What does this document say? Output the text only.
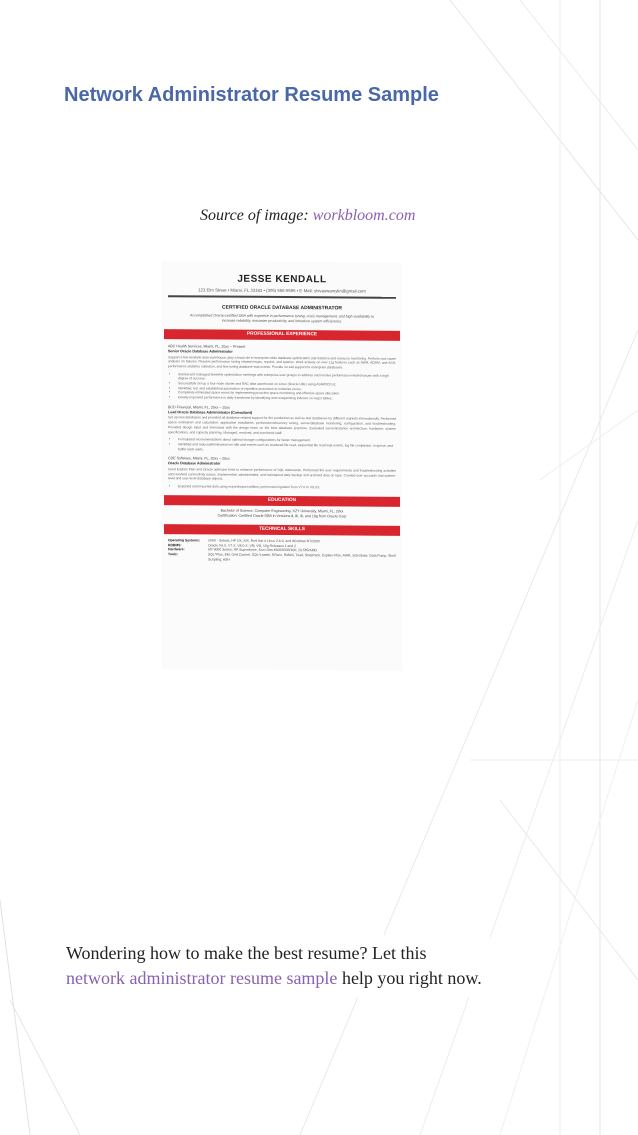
Network Administrator Resume Sample
Source of image: workbloom.com
JESSE KENDALL
123 Elm Street • Miami, FL 33183 • (305) 555-5555 • E-Mail: shivaswamykn@gmail.com
CERTIFIED ORACLE DATABASE ADMINISTRATOR
Accomplished Oracle-certified DBA with expertise in performance tuning, crisis management, and high availability to increase reliability, maximize productivity, and introduce system efficiencies.
PROFESSIONAL EXPERIENCE
ABC Health Services, Miami, FL, 20xx – Present
Senior Oracle Database Administrator
Support a five-terabyte data warehouse; play a lead role in enterprise-wide database optimization and instance and resource monitoring. Perform root cause analysis on failures. Resolve performance tuning related issues, reports, and queries. Work actively on new 11g features such as AWR, ADDM, and ASH, performance statistics collection, and fine tuning database wait events. Provide on-call support for enterprise databases.
• Started and managed biweekly optimization meetings with enterprise user groups to address and resolve performance-related issues with a high degree of success.
• Successfully set up a four-node cluster and RAC data warehouse on Linux (Oracle UBL) using ASM/OCFS2.
• Identified, led, and established automation of repetitive processes to minimize errors.
• Completely eliminated space errors by implementing proactive space monitoring and effective space allocation.
• Greatly improved performance in daily transforms by identifying and reorganizing indexes on major tables.
BCD Financial, Miami, FL, 20xx – 20xx
Lead Oracle Database Administrator (Consultant)
Set up new databases and provided all database-related support for the production as well as test databases for different markets internationally. Performed space estimation and calculation, application installation, performance/memory tuning, server/database monitoring, configuration, and troubleshooting. Provided design input and interacted with the design team on the best database practices. Evaluated server/instance architecture, hardware, system specifications, and capacity planning. Managed, resolved, and monitored staff.
• Formulated recommendations about optimal storage configurations for faster management.
• Identified and reduced/eliminated non-idle wait events such as scattered file read, sequential file read wait events, log file completion, in queue, and buffer latch waits.
CDE Software, Miami, FL, 20xx – 20xx
Oracle Database Administrator
Used Explain Plan and Oracle optimizer hints to enhance performance of SQL statements. Performed the user requirements and troubleshooting activities and resolved connectivity issues. Implemented, administrated, and maintained daily backup and archived data on tape. Created user accounts and system-level and user-level database objects.
• Exported and imported data using export/import utilities; performed migration from V7.0 to V8.0.5.
EDUCATION
Bachelor of Science, Computer Engineering, XZY University, Miami, FL, 20xx
Certification: Certified Oracle DBA in Versions 8, 8i, 9i, and 10g from Oracle Corp
TECHNICAL SKILLS
Operating Systems:	UNIX - Solaris, HP UX, AIX, Red Hat 4 Linux 2.6.9, and Windows NT/2000
RDBMS:	Oracle V6.X, V7.X, V8.0.X, V8i, V9i, 10g Releases 1 and 2
Hardware:	HP 9000 Series, HP Superdome, Sun Ultra 4500/6500/10K, DL585/AMD
Tools:	SQL*Plus, EM, Grid Control, SQL*Loader, ERwin, RMAN, Toad, StatsPack, Explain-Plan, AWR, Scheduler, Data Pump, Shell Scripting, ASH
Wondering how to make the best resume? Let this network administrator resume sample help you right now.
